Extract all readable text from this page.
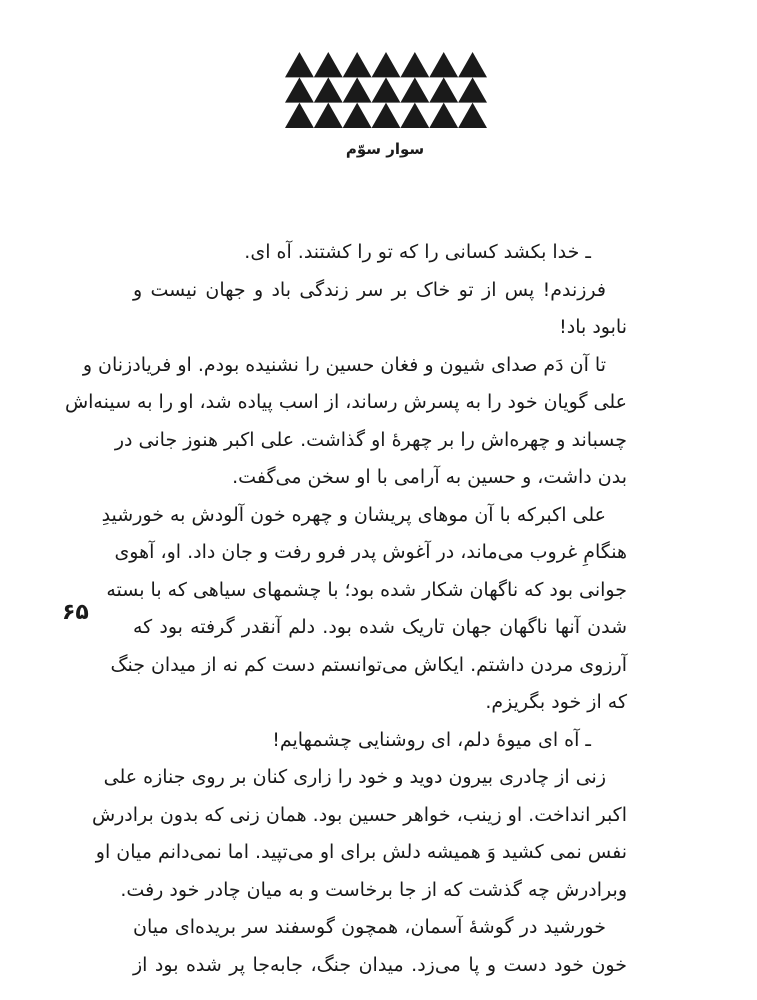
سوار سوّم
۶۵
ـ خدا بکشد کسانی را که تو را کشتند. آه ای.
فرزندم! پس از تو خاک بر سر زندگی باد و جهان نیست و
نابود باد!
تا آن دَم صدای شیون و فغان حسین را نشنیده بودم. او فریادزنان و
علی گویان خود را به پسرش رساند، از اسب پیاده شد، او را به سینه‌اش
چسباند و چهره‌اش را بر چهرهٔ او گذاشت. علی اکبر هنوز جانی در
بدن داشت، و حسین به آرامی با او سخن می‌گفت.
علی اکبرکه با آن موهای پریشان و چهره خون آلودش به خورشیدِ
هنگامِ غروب می‌ماند، در آغوش پدر فرو رفت و جان داد. او، آهوی
جوانی بود که ناگهان شکار شده بود؛ با چشمهای سیاهی که با بسته
شدن آنها ناگهان جهان تاریک شده بود. دلم آنقدر گرفته بود که
آرزوی مردن داشتم. ایکاش می‌توانستم دست کم نه از میدان جنگ
که از خود بگریزم.
ـ آه ای میوهٔ دلم، ای روشنایی چشمهایم!
زنی از چادری بیرون دوید و خود را زاری کنان بر روی جنازه علی
اکبر انداخت. او زینب، خواهر حسین بود. همان زنی که بدون برادرش
نفس نمی کشید وَ همیشه دلش برای او می‌تپید. اما نمی‌دانم میان او
وبرادرش چه گذشت که از جا برخاست و به میان چادر خود رفت.
خورشید در گوشهٔ آسمان، همچون گوسفند سر بریده‌ای میان
خون خود دست و پا می‌زد. میدان جنگ، جابه‌جا پر شده بود از
